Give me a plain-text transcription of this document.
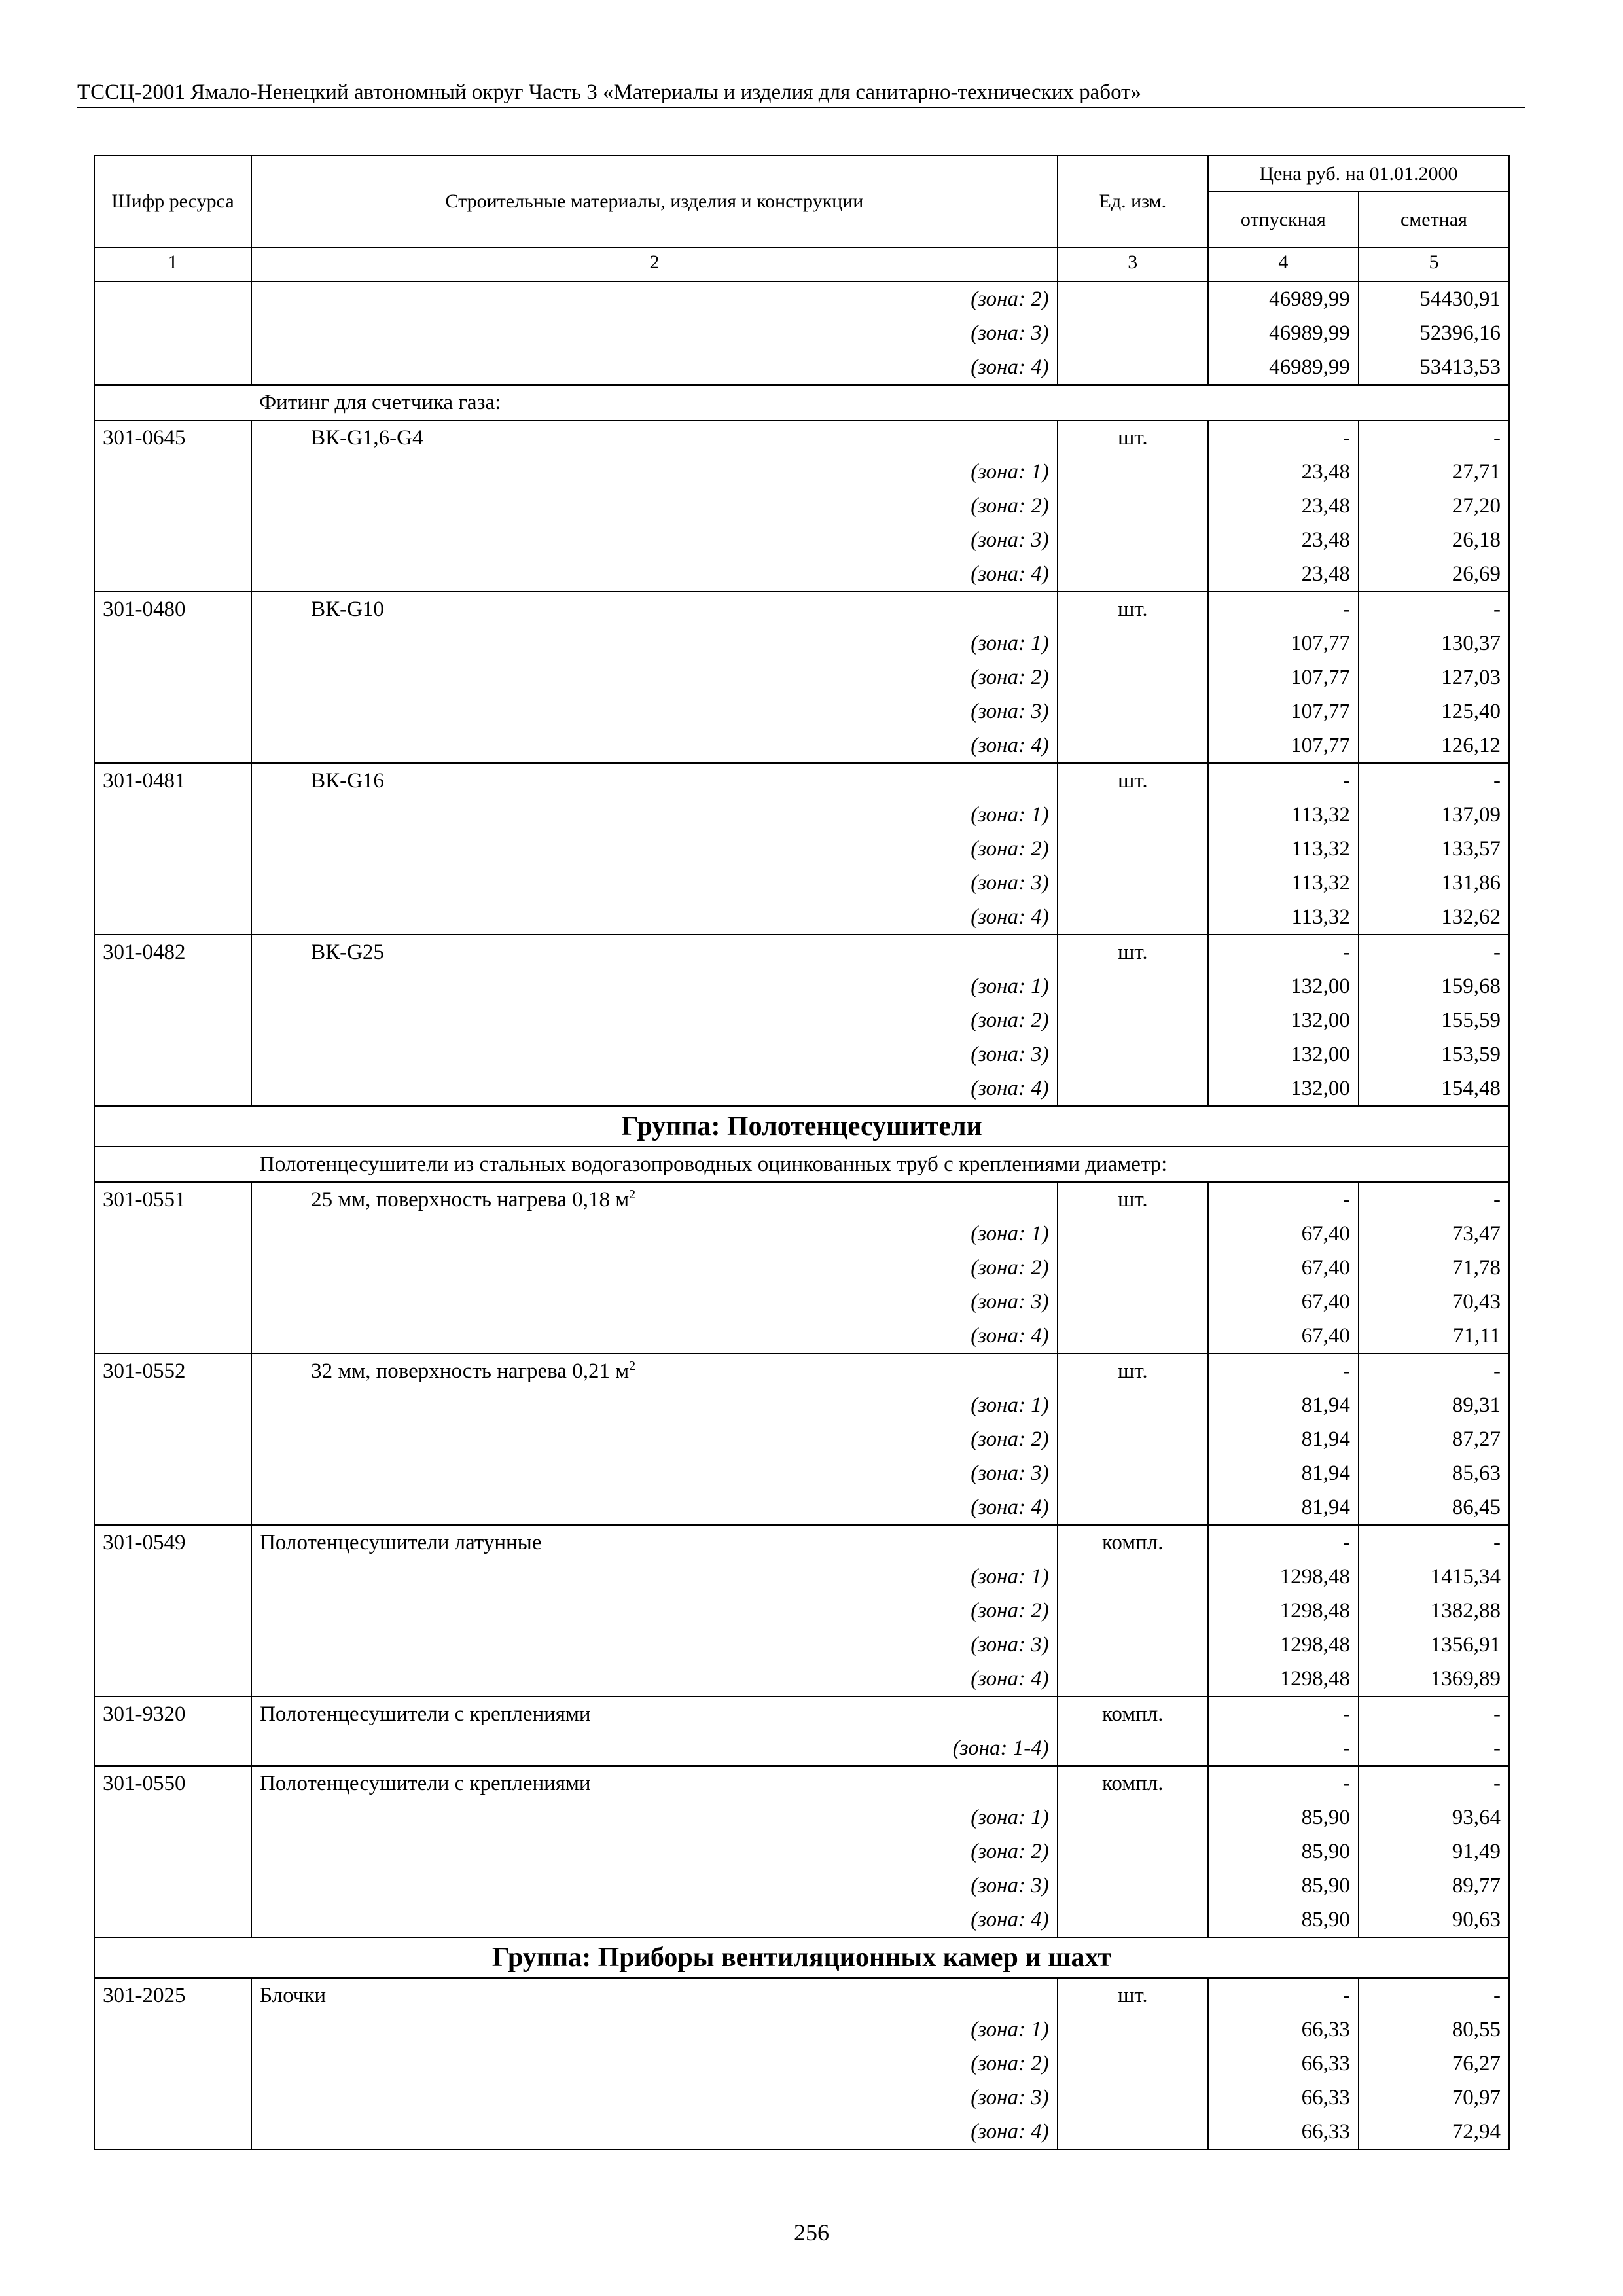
ТССЦ-2001 Ямало-Ненецкий автономный округ Часть 3 «Материалы и изделия для санитарно-технических работ»
Шифр ресурса	Строительные материалы, изделия и конструкции	Ед. изм.	Цена руб. на 01.01.2000	
			отпускная	сметная
1	2	3	4	5
	(зона: 2)		46989,99	54430,91
	(зона: 3)		46989,99	52396,16
	(зона: 4)		46989,99	53413,53
	Фитинг для счетчика газа:			
301-0645	ВК-G1,6-G4	шт.	-	-
	(зона: 1)		23,48	27,71
	(зона: 2)		23,48	27,20
	(зона: 3)		23,48	26,18
	(зона: 4)		23,48	26,69
301-0480	ВК-G10	шт.	-	-
	(зона: 1)		107,77	130,37
	(зона: 2)		107,77	127,03
	(зона: 3)		107,77	125,40
	(зона: 4)		107,77	126,12
301-0481	ВК-G16	шт.	-	-
	(зона: 1)		113,32	137,09
	(зона: 2)		113,32	133,57
	(зона: 3)		113,32	131,86
	(зона: 4)		113,32	132,62
301-0482	ВК-G25	шт.	-	-
	(зона: 1)		132,00	159,68
	(зона: 2)		132,00	155,59
	(зона: 3)		132,00	153,59
	(зона: 4)		132,00	154,48
Группа: Полотенцесушители				
	Полотенцесушители из стальных водогазопроводных оцинкованных труб с креплениями диаметр:			
301-0551	25 мм, поверхность нагрева 0,18 $м^2$	шт.	-	-
	(зона: 1)		67,40	73,47
	(зона: 2)		67,40	71,78
	(зона: 3)		67,40	70,43
	(зона: 4)		67,40	71,11
301-0552	32 мм, поверхность нагрева 0,21 $м^2$	шт.	-	-
	(зона: 1)		81,94	89,31
	(зона: 2)		81,94	87,27
	(зона: 3)		81,94	85,63
	(зона: 4)		81,94	86,45
301-0549	Полотенцесушители латунные	компл.	-	-
	(зона: 1)		1298,48	1415,34
	(зона: 2)		1298,48	1382,88
	(зона: 3)		1298,48	1356,91
	(зона: 4)		1298,48	1369,89
301-9320	Полотенцесушители с креплениями	компл.	-	-
	(зона: 1-4)		-	-
301-0550	Полотенцесушители с креплениями	компл.	-	-
	(зона: 1)		85,90	93,64
	(зона: 2)		85,90	91,49
	(зона: 3)		85,90	89,77
	(зона: 4)		85,90	90,63
Группа: Приборы вентиляционных камер и шахт				
301-2025	Блочки	шт.	-	-
	(зона: 1)		66,33	80,55
	(зона: 2)		66,33	76,27
	(зона: 3)		66,33	70,97
	(зона: 4)		66,33	72,94
256
